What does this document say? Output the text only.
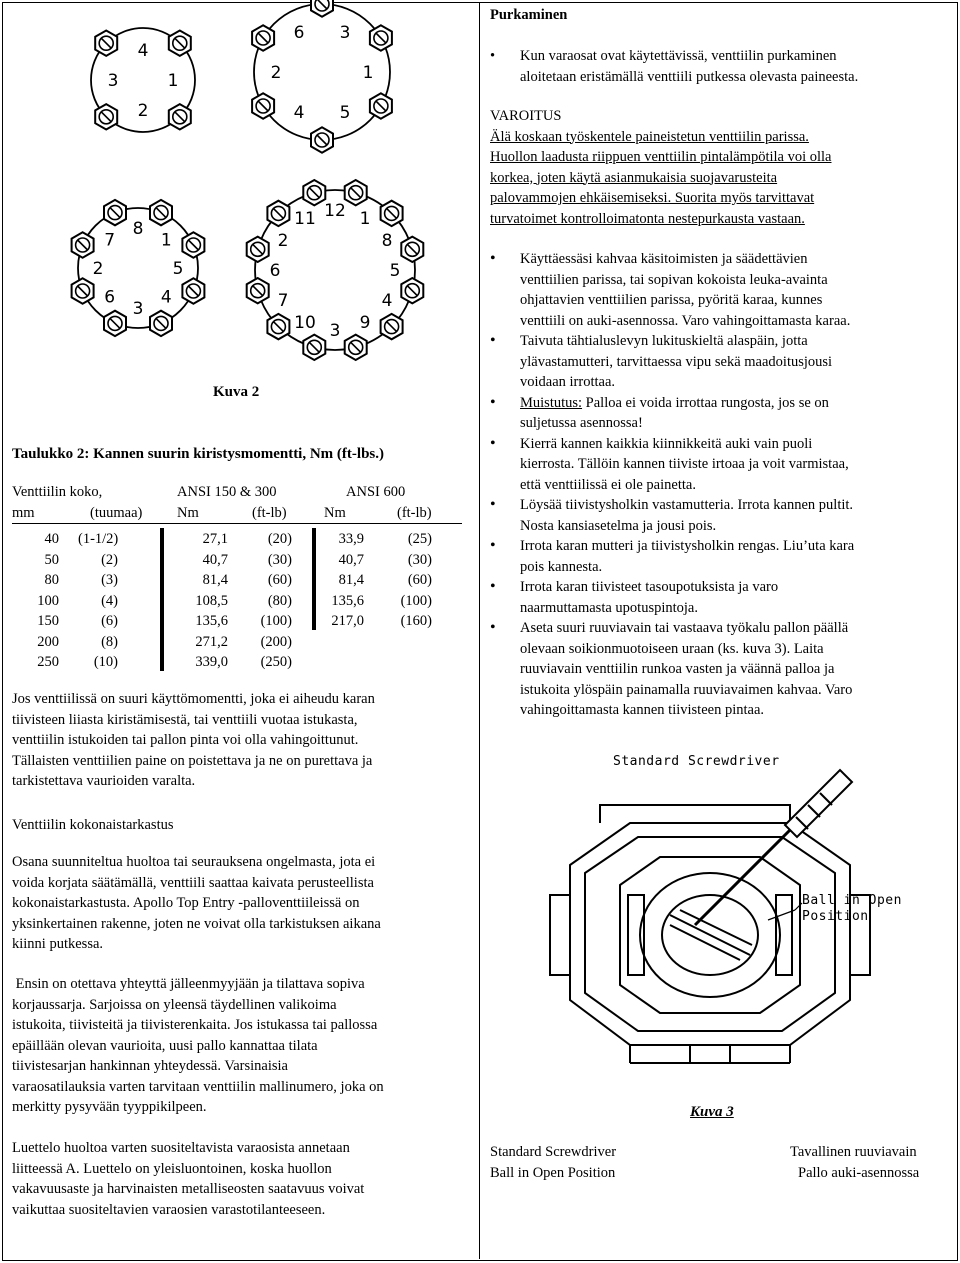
4
1
2
3
3
1
5
4
2
6
8
1
5
4
3
6
2
7
12 1
8
5
4
9
3
10
7
6
2
11
Kuva 2
Taulukko 2: Kannen suurin kiristysmomentti, Nm (ft-lbs.)
Venttiilin koko,	ANSI 150 & 300	ANSI 600
mm	(tuumaa) Nm	(ft-lb)	Nm	(ft-lb)
40 (1-1/2)	27,1	(20)	33,9	(25)
50	(2)	40,7	(30)	40,7	(30)
80	(3)	81,4	(60)	81,4	(60)
100	(4)	108,5	(80)	135,6	(100)
150	(6)	135,6	(100)	217,0	(160)
200	(8)	271,2	(200)
250	(10)	339,0	(250)
Jos venttiilissä on suuri käyttömomentti, joka ei aiheudu karan
tiivisteen liiasta kiristämisestä, tai venttiili vuotaa istukasta,
venttiilin istukoiden tai pallon pinta voi olla vahingoittunut.
Tällaisten venttiilien paine on poistettava ja ne on purettava ja
tarkistettava vaurioiden varalta.
Venttiilin kokonaistarkastus
Osana suunniteltua huoltoa tai seurauksena ongelmasta, jota ei
voida korjata säätämällä, venttiili saattaa kaivata perusteellista
kokonaistarkastusta. Apollo Top Entry -palloventtiileissä on
yksinkertainen rakenne, joten ne voivat olla tarkistuksen aikana
kiinni putkessa.
Ensin on otettava yhteyttä jälleenmyyjään ja tilattava sopiva
korjaussarja. Sarjoissa on yleensä täydellinen valikoima
istukoita, tiivisteitä ja tiivisterenkaita. Jos istukassa tai pallossa
epäillään olevan vaurioita, uusi pallo kannattaa tilata
tiivistesarjan hankinnan yhteydessä. Varsinaisia
varaosatilauksia varten tarvitaan venttiilin mallinumero, joka on
merkitty pysyvään tyyppikilpeen.
Luettelo huoltoa varten suositeltavista varaosista annetaan
liitteessä A. Luettelo on yleisluontoinen, koska huollon
vakavuusaste ja harvinaisten metalliseosten saatavuus voivat
vaikuttaa suositeltavien varaosien varastotilanteeseen.
Purkaminen
• Kun varaosat ovat käytettävissä, venttiilin purkaminen
aloitetaan eristämällä venttiili putkessa olevasta paineesta.
VAROITUS
Älä koskaan työskentele paineistetun venttiilin parissa.
Huollon laadusta riippuen venttiilin pintalämpötila voi olla
korkea, joten käytä asianmukaisia suojavarusteita
palovammojen ehkäisemiseksi. Suorita myös tarvittavat
turvatoimet kontrolloimatonta nestepurkausta vastaan.
• Käyttäessäsi kahvaa käsitoimisten ja säädettävien
venttiilien parissa, tai sopivan kokoista leuka-avainta
ohjattavien venttiilien parissa, pyöritä karaa, kunnes
venttiili on auki-asennossa. Varo vahingoittamasta karaa.
• Taivuta tähtialuslevyn lukituskieltä alaspäin, jotta
ylävastamutteri, tarvittaessa vipu sekä maadoitusjousi
voidaan irrottaa.
• Muistutus: Palloa ei voida irrottaa rungosta, jos se on
suljetussa asennossa!
• Kierrä kannen kaikkia kiinnikkeitä auki vain puoli
kierrosta. Tällöin kannen tiiviste irtoaa ja voit varmistaa,
että venttiilissä ei ole painetta.
• Löysää tiivistysholkin vastamutteria. Irrota kannen pultit.
Nosta kansiasetelma ja jousi pois.
• Irrota karan mutteri ja tiivistysholkin rengas. Liu’uta kara
pois kannesta.
• Irrota karan tiivisteet tasoupotuksista ja varo
naarmuttamasta upotuspintoja.
• Aseta suuri ruuviavain tai vastaava työkalu pallon päällä
olevaan soikionmuotoiseen uraan (ks. kuva 3). Laita
ruuviavain venttiilin runkoa vasten ja väännä palloa ja
istukoita ylöspäin painamalla ruuviavaimen kahvaa. Varo
vahingoittamasta kannen tiivisteen pintaa.
Standard Screwdriver
Ball in Open
Position
Kuva 3
Standard Screwdriver	Tavallinen ruuviavain
Ball in Open Position	Pallo auki-asennossa
